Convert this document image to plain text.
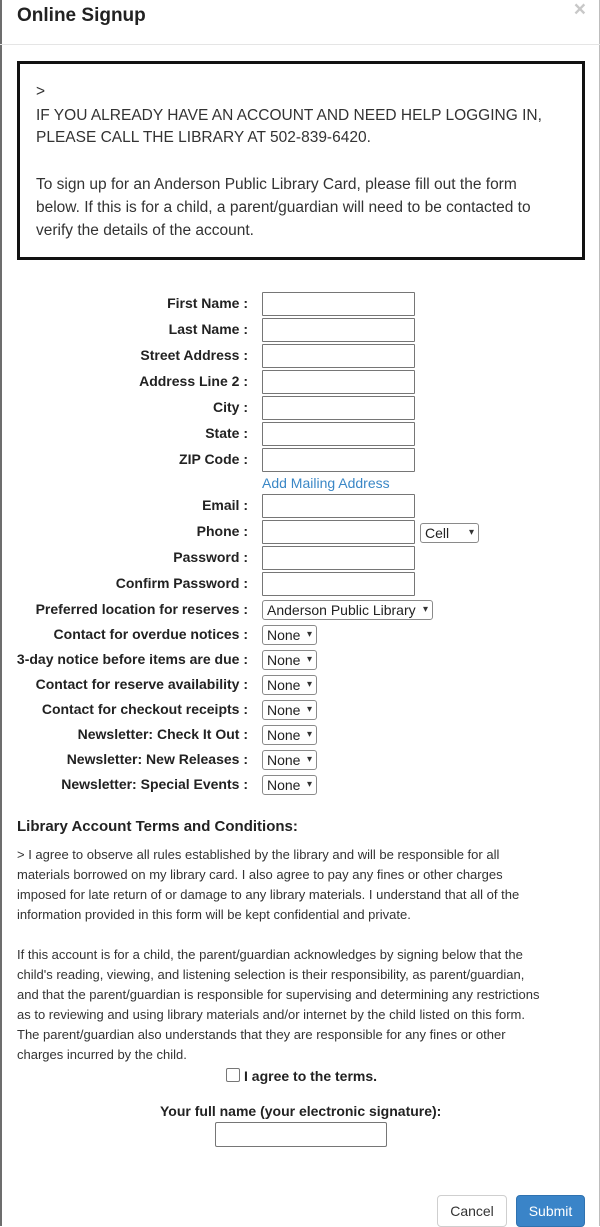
Online Signup	×
>
IF YOU ALREADY HAVE AN ACCOUNT AND NEED HELP LOGGING IN,
PLEASE CALL THE LIBRARY AT 502-839-6420.
To sign up for an Anderson Public Library Card, please fill out the form
below. If this is for a child, a parent/guardian will need to be contacted to
verify the details of the account.
First Name :
Last Name :
Street Address :
Address Line 2 :
City :
State :
ZIP Code :
Add Mailing Address
Email :
Phone :	Cell ▾
Password :
Confirm Password :
Preferred location for reserves :	Anderson Public Library ▾
Contact for overdue notices :	None ▾
3-day notice before items are due :	None ▾
Contact for reserve availability :	None ▾
Contact for checkout receipts :	None ▾
Newsletter: Check It Out :	None ▾
Newsletter: New Releases :	None ▾
Newsletter: Special Events :	None ▾
Library Account Terms and Conditions:
> I agree to observe all rules established by the library and will be responsible for all
materials borrowed on my library card. I also agree to pay any fines or other charges
imposed for late return of or damage to any library materials. I understand that all of the
information provided in this form will be kept confidential and private.
If this account is for a child, the parent/guardian acknowledges by signing below that the
child's reading, viewing, and listening selection is their responsibility, as parent/guardian,
and that the parent/guardian is responsible for supervising and determining any restrictions
as to reviewing and using library materials and/or internet by the child listed on this form.
The parent/guardian also understands that they are responsible for any fines or other
charges incurred by the child.
I agree to the terms.
Your full name (your electronic signature):
Cancel	Submit
